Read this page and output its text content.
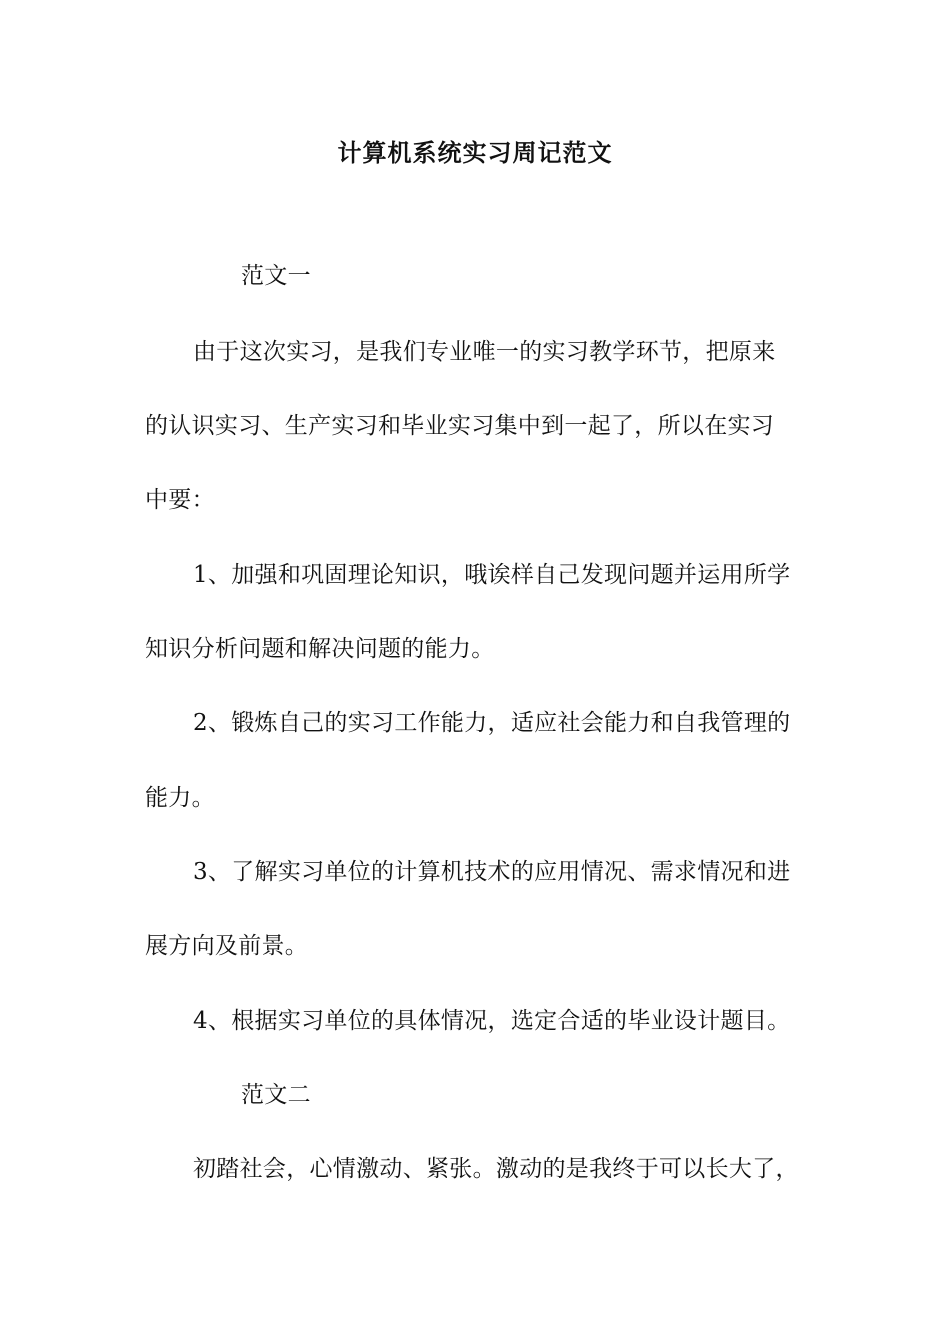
计算机系统实习周记范文
范文一
由于这次实习，是我们专业唯一的实习教学环节，把原来
的认识实习、生产实习和毕业实习集中到一起了，所以在实习
中要：
1、加强和巩固理论知识，哦诶样自己发现问题并运用所学
知识分析问题和解决问题的能力。
2、锻炼自己的实习工作能力，适应社会能力和自我管理的
能力。
3、了解实习单位的计算机技术的应用情况、需求情况和进
展方向及前景。
4、根据实习单位的具体情况，选定合适的毕业设计题目。
范文二
初踏社会，心情激动、紧张。激动的是我终于可以长大了，
